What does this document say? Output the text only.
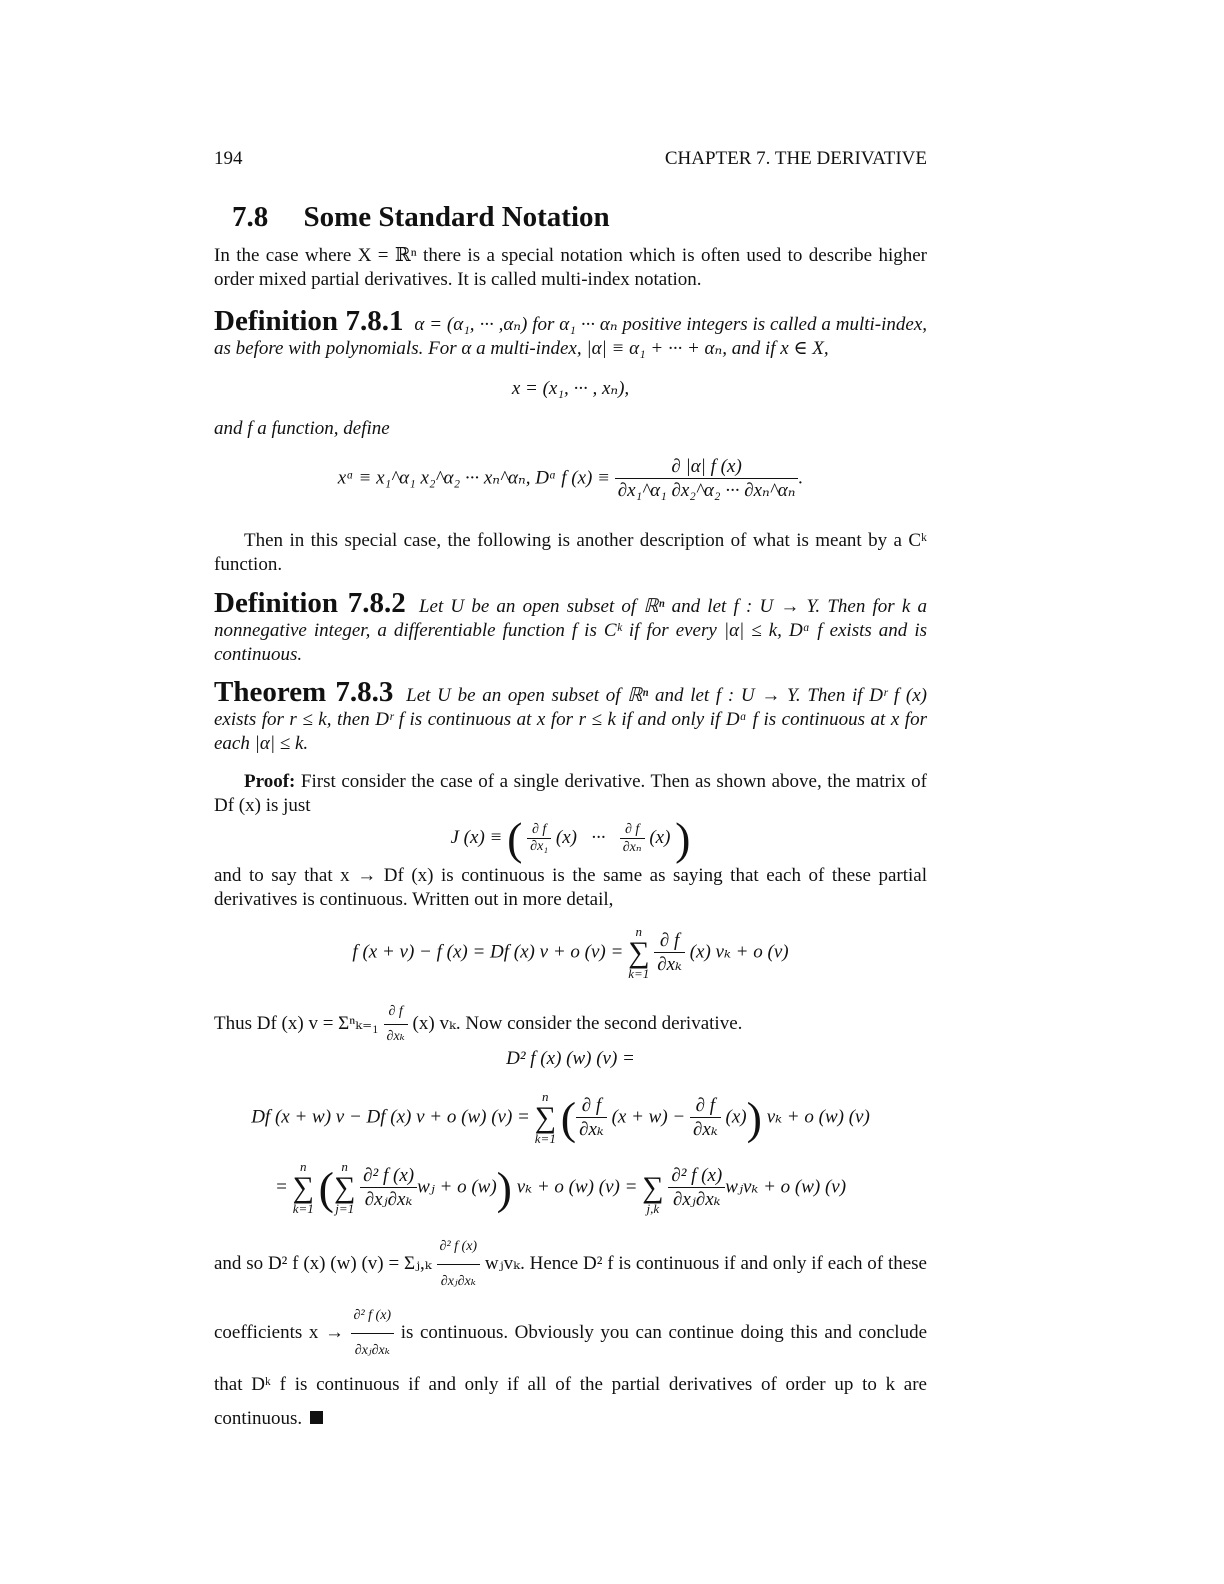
194	CHAPTER 7. THE DERIVATIVE
7.8 Some Standard Notation
In the case where X = ℝⁿ there is a special notation which is often used to describe higher order mixed partial derivatives. It is called multi-index notation.
Definition 7.8.1 α = (α₁, ··· ,αₙ) for α₁ ··· αₙ positive integers is called a multi-index, as before with polynomials. For α a multi-index, |α| ≡ α₁ + ··· + αₙ, and if x ∈ X,
x = (x₁, ··· , xₙ),
and f a function, define
xᵅ ≡ x₁^α₁ x₂^α₂ ··· xₙ^αₙ, Dᵅ f $(x) \equiv \frac{\partial |\alpha| f (x)}{\text{∂x₁\textasciicircum{}α₁ ∂x₂\textasciicircum{}α₂ ··· ∂xₙ\textasciicircum{}αₙ}}$ .
Then in this special case, the following is another description of what is meant by a Cᵏ function.
Definition 7.8.2 Let U be an open subset of ℝⁿ and let f : U → Y. Then for k a nonnegative integer, a differentiable function f is Cᵏ if for every |α| ≤ k, Dᵅ f exists and is continuous.
Theorem 7.8.3 Let U be an open subset of ℝⁿ and let f : U → Y. Then if Dʳ f (x) exists for r ≤ k, then Dʳ f is continuous at x for r ≤ k if and only if Dᵅ f is continuous at x for each |α| ≤ k.
Proof: First consider the case of a single derivative. Then as shown above, the matrix of Df (x) is just
J (x) ≡ ( $\frac{\partial f}{\text{∂x₁}} (x)$ ··· $\frac{\partial f}{\text{∂xₙ}} (x)$ )
and to say that x → Df (x) is continuous is the same as saying that each of these partial derivatives is continuous. Written out in more detail,
f (x + v) − f (x) = Df (x) v + o (v) =
n
∑
k=1
$\frac{\partial f}{\text{∂xₖ}} (x) v_k + o$ (v)
Thus Df (x) $v = \Sigma^n_{k=1} \frac{\partial f}{\text{∂xₖ}} (x)$ vₖ. Now consider the second derivative.
D² f (x) (w) (v) =
Df (x + w) v − Df (x) v + o (w) (v) =
n
∑
k=1 ( $\frac{\partial f}{\text{∂xₖ}} (x + w) - \frac{\partial f}{\text{∂xₖ}} (x)$) vₖ + o (w) (v)
=
n
∑
k=1 ( n
∑
j=1
$\frac{\text{∂² f (x)}}{\text{∂xⱼ∂xₖ}}$ wⱼ + o (w)) vₖ + o (w) (v) =
∑
j,k
$\frac{\text{∂² f (x)}}{\text{∂xⱼ∂xₖ}}$ wⱼvₖ + o (w) (v)
and so D² f (x) (w) (v) = Σⱼ,ₖ $\frac{\text{∂² f (x)}}{\text{∂xⱼ∂xₖ}}$ wⱼvₖ. Hence D² f is continuous if and only if each of these coefficients $x \to \frac{\text{∂² f (x)}}{\text{∂xⱼ∂xₖ}}$ is continuous. Obviously you can continue doing this and conclude that Dᵏ f is continuous if and only if all of the partial derivatives of order up to k are continuous.
